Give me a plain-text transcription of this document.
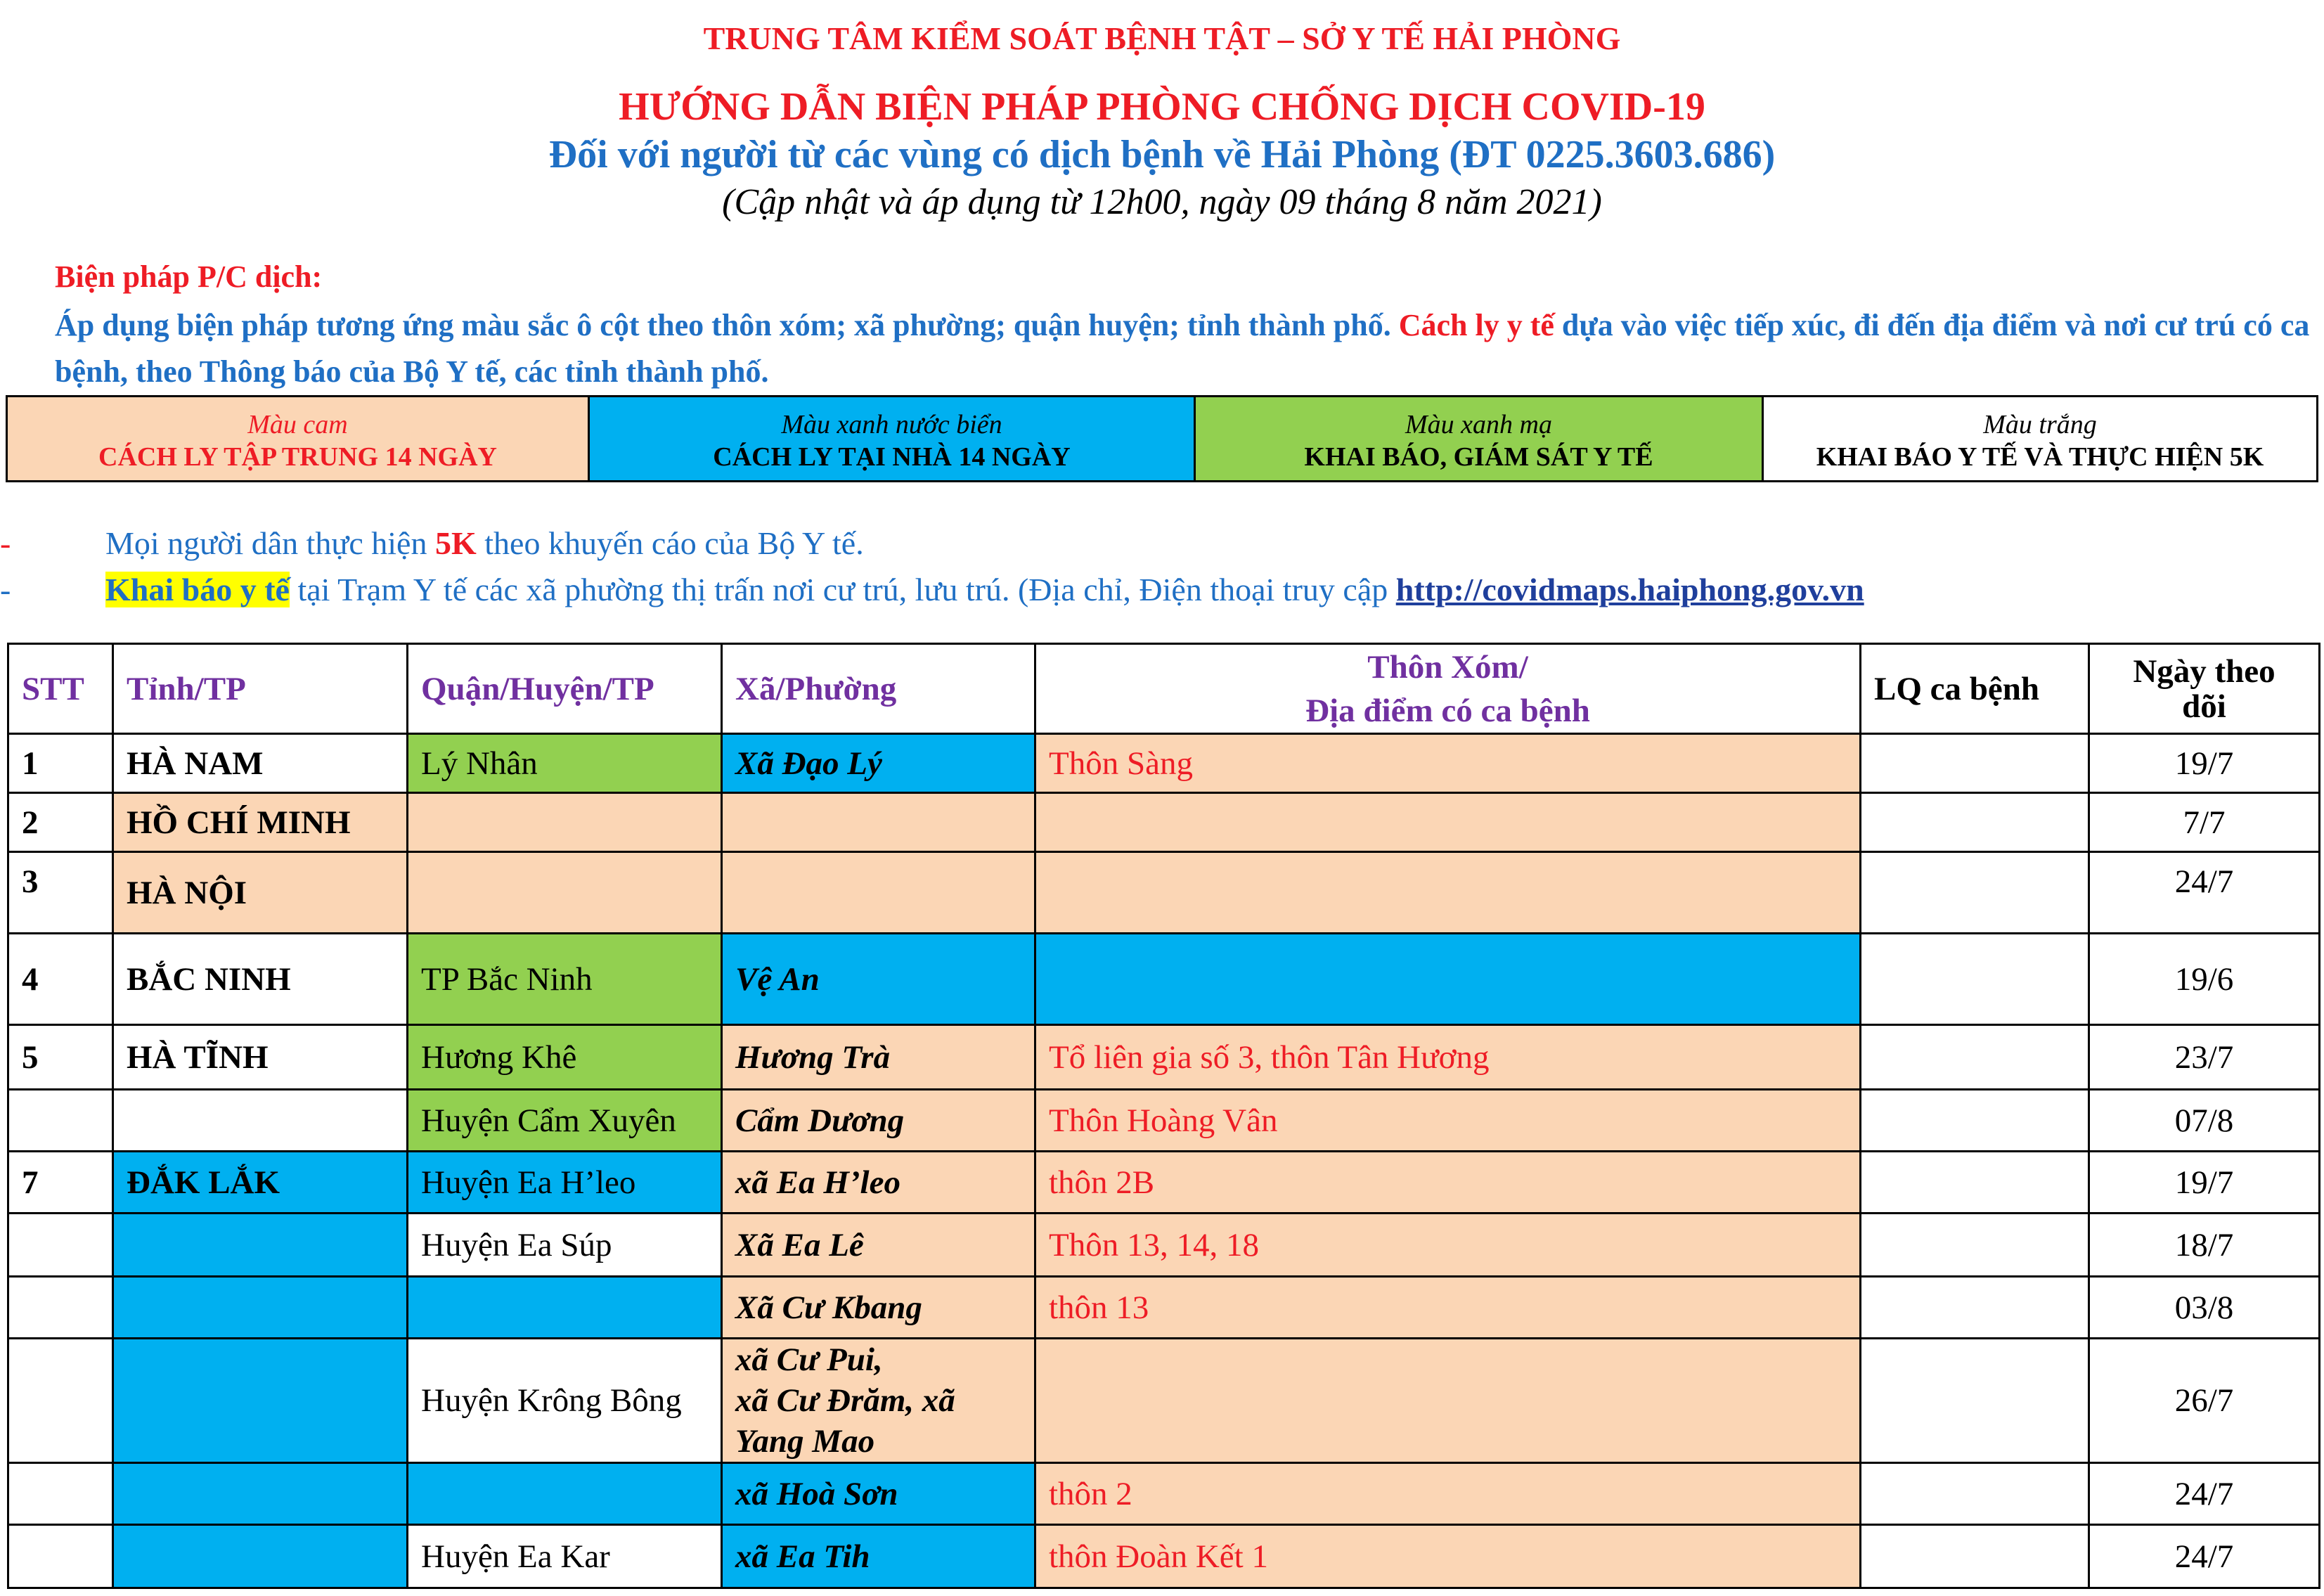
TRUNG TÂM KIỂM SOÁT BỆNH TẬT – SỞ Y TẾ HẢI PHÒNG
HƯỚNG DẪN BIỆN PHÁP PHÒNG CHỐNG DỊCH COVID-19
Đối với người từ các vùng có dịch bệnh về Hải Phòng (ĐT 0225.3603.686)
(Cập nhật và áp dụng từ 12h00, ngày 09 tháng 8 năm 2021)
Biện pháp P/C dịch:
Áp dụng biện pháp tương ứng màu sắc ô cột theo thôn xóm; xã phường; quận huyện; tỉnh thành phố. Cách ly y tế dựa vào việc tiếp xúc, đi đến địa điểm và nơi cư trú có ca bệnh, theo Thông báo của Bộ Y tế, các tỉnh thành phố.
Màu cam
CÁCH LY TẬP TRUNG 14 NGÀY
Màu xanh nước biển
CÁCH LY TẠI NHÀ 14 NGÀY
Màu xanh mạ
KHAI BÁO, GIÁM SÁT Y TẾ
Màu trắng
KHAI BÁO Y TẾ VÀ THỰC HIỆN 5K
-	Mọi người dân thực hiện 5K theo khuyến cáo của Bộ Y tế.
-	Khai báo y tế tại Trạm Y tế các xã phường thị trấn nơi cư trú, lưu trú. (Địa chỉ, Điện thoại truy cập http://covidmaps.haiphong.gov.vn
STT	Tỉnh/TP	Quận/Huyện/TP	Xã/Phường	Thôn Xóm/
Địa điểm có ca bệnh	LQ ca bệnh	Ngày theo
dõi
1	HÀ NAM	Lý Nhân	Xã Đạo Lý	Thôn Sàng		19/7
2	HỒ CHÍ MINH					7/7
3	HÀ NỘI					24/7
4	BẮC NINH	TP Bắc Ninh	Vệ An			19/6
5	HÀ TĨNH	Hương Khê	Hương Trà	Tổ liên gia số 3, thôn Tân Hương		23/7
		Huyện Cẩm Xuyên	Cẩm Dương	Thôn Hoàng Vân		07/8
7	ĐẮK LẮK	Huyện Ea H’leo	xã Ea H’leo	thôn 2B		19/7
		Huyện Ea Súp	Xã Ea Lê	Thôn 13, 14, 18		18/7
			Xã Cư Kbang	thôn 13		03/8
		Huyện Krông Bông	xã Cư Pui,
xã Cư Đrăm, xã
Yang Mao			26/7
			xã Hoà Sơn	thôn 2		24/7
		Huyện Ea Kar	xã Ea Tih	thôn Đoàn Kết 1		24/7
